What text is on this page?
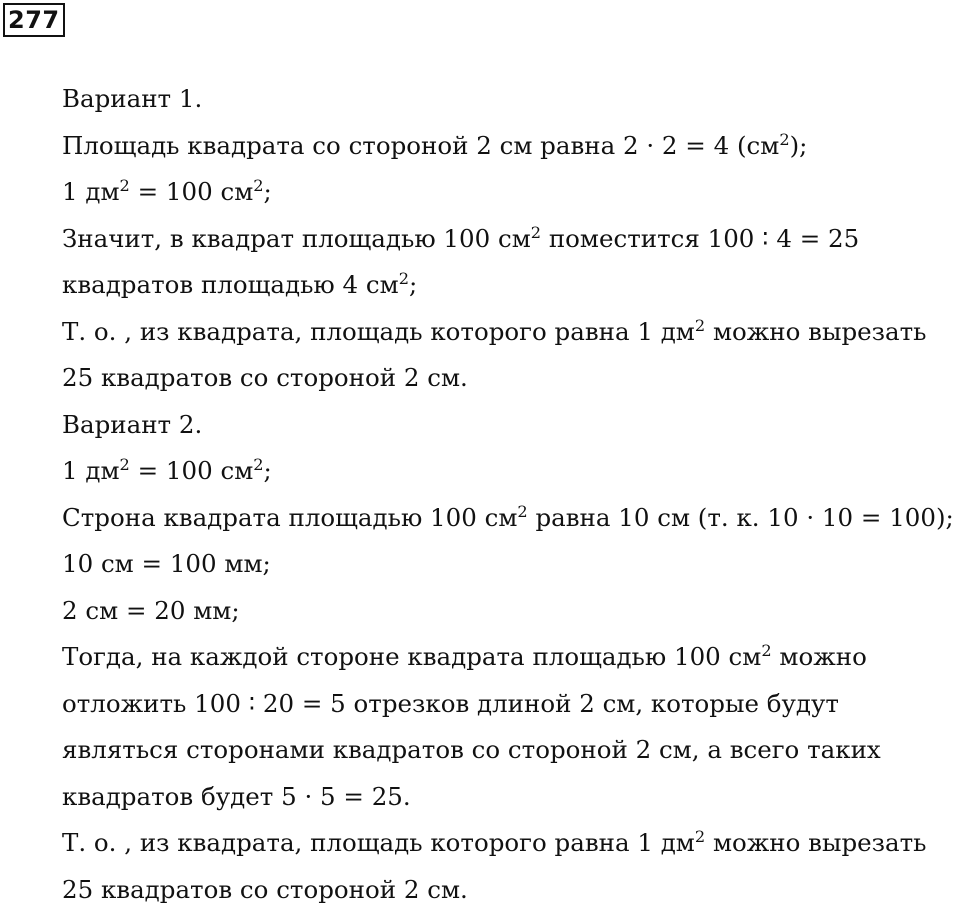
277
Вариант 1.
Площадь квадрата со стороной 2 см равна 2 · 2 = 4 $(см^2)$;
1 $дм^2 = 100$ $см^2$;
Значит, в квадрат площадью 100 $см^2$ поместится 100 ∶ 4 = 25
квадратов площадью 4 $см^2$;
Т. о. , из квадрата, площадь которого равна 1 $дм^2$ можно вырезать
25 квадратов со стороной 2 см.
Вариант 2.
1 $дм^2 = 100$ $см^2$;
Строна квадрата площадью 100 $см^2$ равна 10 см (т. к. 10 · 10 = 100);
10 см = 100 мм;
2 см = 20 мм;
Тогда, на каждой стороне квадрата площадью 100 $см^2$ можно
отложить 100 ∶ 20 = 5 отрезков длиной 2 см, которые будут
являться сторонами квадратов со стороной 2 см, а всего таких
квадратов будет 5 · 5 = 25.
Т. о. , из квадрата, площадь которого равна 1 $дм^2$ можно вырезать
25 квадратов со стороной 2 см.
